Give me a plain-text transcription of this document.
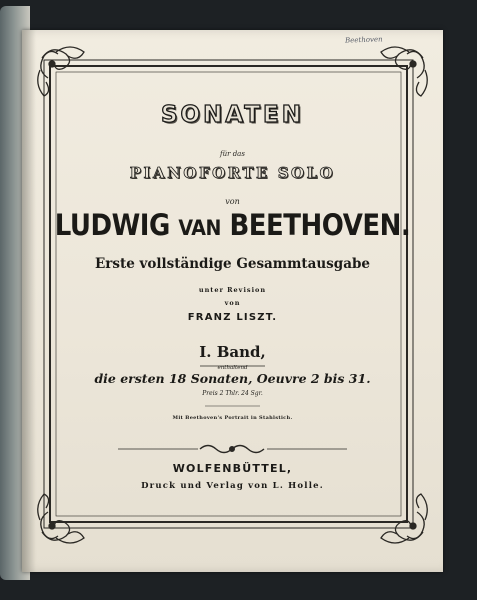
Beethoven
SONATEN
für das
PIANOFORTE SOLO
von
LUDWIG VAN BEETHOVEN.
Erste vollständige Gesammtausgabe
unter Revision
von
FRANZ LISZT.
I. Band,
enthaltend
die ersten 18 Sonaten, Oeuvre 2 bis 31.
Preis 2 Thlr. 24 Sgr.
Mit Beethoven's Portrait in Stahlstich.
WOLFENBÜTTEL,
Druck und Verlag von L. Holle.
